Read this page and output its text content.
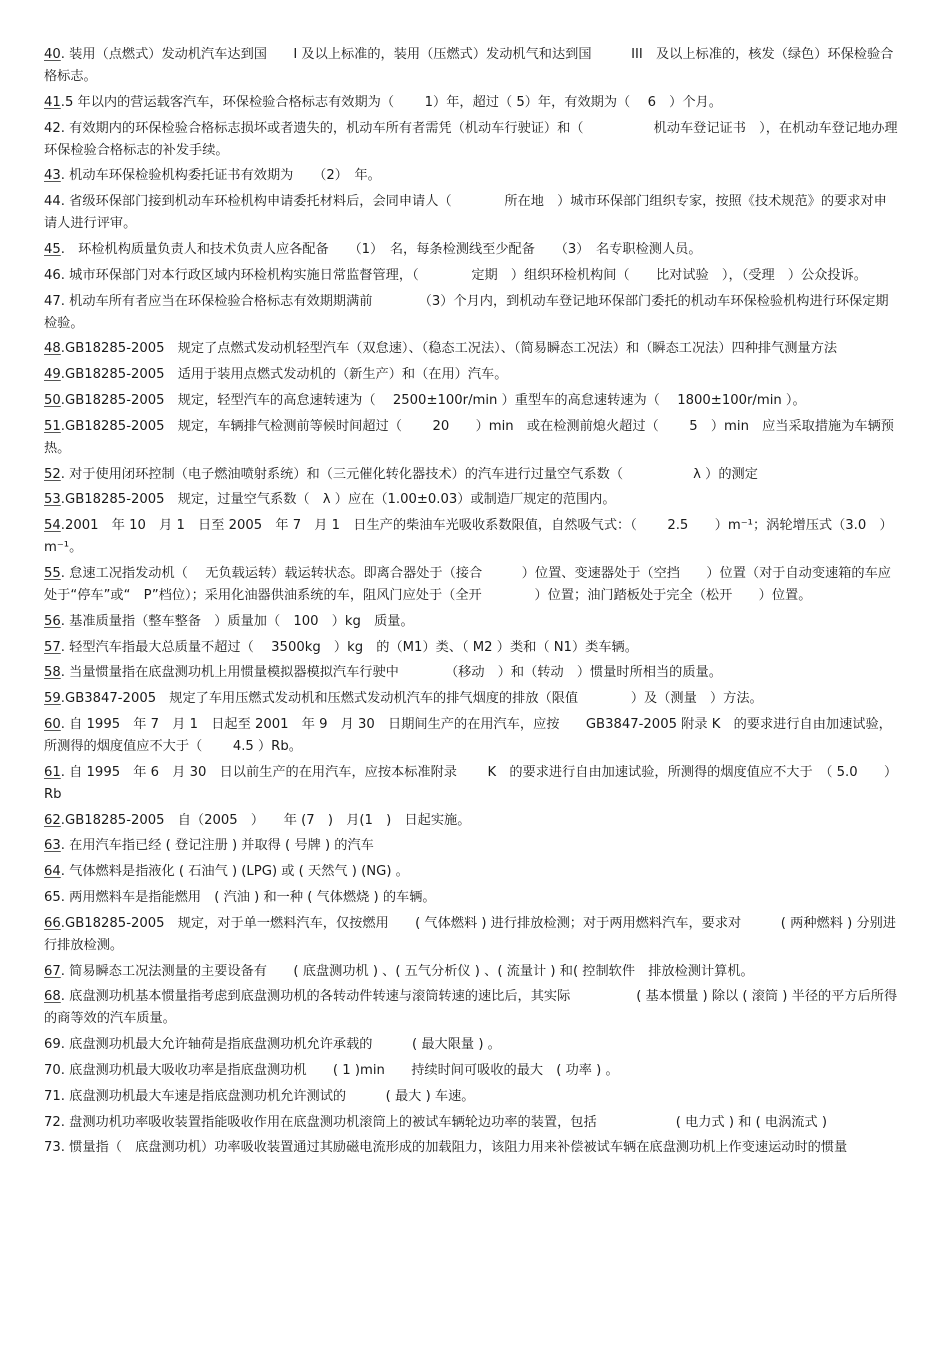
40. 装用（点燃式）发动机汽车达到国　　I 及以上标准的，装用（压燃式）发动机气和达到国　　　III　及以上标准的，核发（绿色）环保检验合格标志。
41.5 年以内的营运载客汽车，环保检验合格标志有效期为（　　 1）年，超过（ 5）年，有效期为（　 6　）个月。
42. 有效期内的环保检验合格标志损坏或者遗失的，机动车所有者需凭（机动车行驶证）和（　　　　　 机动车登记证书　），在机动车登记地办理环保检验合格标志的补发手续。
43. 机动车环保检验机构委托证书有效期为　　（2）　年。
44. 省级环保部门接到机动车环检机构申请委托材料后，会同申请人（　　　　所在地　）城市环保部门组织专家，按照《技术规范》的要求对申请人进行评审。
45.　环检机构质量负责人和技术负责人应各配备　　（1）　名，每条检测线至少配备　　（3）　名专职检测人员。
46. 城市环保部门对本行政区域内环检机构实施日常监督管理，（　　　　定期　）组织环检机构间（　　比对试验　），（受理　）公众投诉。
47. 机动车所有者应当在环保检验合格标志有效期期满前　　　　（3）个月内，到机动车登记地环保部门委托的机动车环保检验机构进行环保定期检验。
48.GB18285-2005　规定了点燃式发动机轻型汽车（双怠速）、（稳态工况法）、（简易瞬态工况法）和（瞬态工况法）四种排气测量方法
49.GB18285-2005　适用于装用点燃式发动机的（新生产）和（在用）汽车。
50.GB18285-2005　规定，轻型汽车的高怠速转速为（　 2500±100r/min ）重型车的高怠速转速为（　 1800±100r/min ）。
51.GB18285-2005　规定，车辆排气检测前等候时间超过（　　 20　　）min　或在检测前熄火超过（　　 5　）min　应当采取措施为车辆预热。
52. 对于使用闭环控制（电子燃油喷射系统）和（三元催化转化器技术）的汽车进行过量空气系数（　　　　　 λ ）的测定
53.GB18285-2005　规定，过量空气系数（　λ ）应在（1.00±0.03）或制造厂规定的范围内。
54.2001　年 10　月 1　日至 2005　年 7　月 1　日生产的柴油车光吸收系数限值，自然吸气式：（　　 2.5　　）m⁻¹；涡轮增压式（3.0　）m⁻¹。
55. 怠速工况指发动机（　 无负载运转）载运转状态。即离合器处于（接合　　　）位置、变速器处于（空挡　　）位置（对于自动变速箱的车应处于“停车”或“　P”档位）；采用化油器供油系统的车，阻风门应处于（全开　　　　）位置；油门踏板处于完全（松开　　）位置。
56. 基准质量指（整车整备　）质量加（　100　）kg　质量。
57. 轻型汽车指最大总质量不超过（　 3500kg　）kg　的（M1）类、（ M2 ）类和（ N1）类车辆。
58. 当量惯量指在底盘测功机上用惯量模拟器模拟汽车行驶中　　　　（移动　）和（转动　）惯量时所相当的质量。
59.GB3847-2005　规定了车用压燃式发动机和压燃式发动机汽车的排气烟度的排放（限值　　　　）及（测量　）方法。
60. 自 1995　年 7　月 1　日起至 2001　年 9　月 30　日期间生产的在用汽车，应按　　GB3847-2005 附录 K　的要求进行自由加速试验，所测得的烟度值应不大于（　　 4.5 ）Rb。
61. 自 1995　年 6　月 30　日以前生产的在用汽车，应按本标准附录　　 K　的要求进行自由加速试验，所测得的烟度值应不大于　（ 5.0　　）Rb
62.GB18285-2005　自（2005　）　　年 (7　)　月(1　)　日起实施。
63. 在用汽车指已经 ( 登记注册 ) 并取得 ( 号牌 ) 的汽车
64. 气体燃料是指液化 ( 石油气 ) (LPG) 或 ( 天然气 ) (NG) 。
65. 两用燃料车是指能燃用　( 汽油 ) 和一种 ( 气体燃烧 ) 的车辆。
66.GB18285-2005　规定，对于单一燃料汽车，仅按燃用　　( 气体燃料 ) 进行排放检测；对于两用燃料汽车，要求对　　　( 两种燃料 ) 分别进行排放检测。
67. 简易瞬态工况法测量的主要设备有　　( 底盘测功机 ) 、( 五气分析仪 ) 、( 流量计 ) 和( 控制软件　排放检测计算机。
68. 底盘测功机基本惯量指考虑到底盘测功机的各转动件转速与滚筒转速的速比后，其实际　　　　　( 基本惯量 ) 除以 ( 滚筒 ) 半径的平方后所得的商等效的汽车质量。
69. 底盘测功机最大允许轴荷是指底盘测功机允许承载的　　　( 最大限量 ) 。
70. 底盘测功机最大吸收功率是指底盘测功机　　( 1 )min　　持续时间可吸收的最大　( 功率 ) 。
71. 底盘测功机最大车速是指底盘测功机允许测试的　　　( 最大 ) 车速。
72. 盘测功机功率吸收装置指能吸收作用在底盘测功机滚筒上的被试车辆轮边功率的装置，包括　　　　　　( 电力式 ) 和 ( 电涡流式 )
73. 惯量指（　底盘测功机）功率吸收装置通过其励磁电流形成的加载阻力，该阻力用来补偿被试车辆在底盘测功机上作变速运动时的惯量
